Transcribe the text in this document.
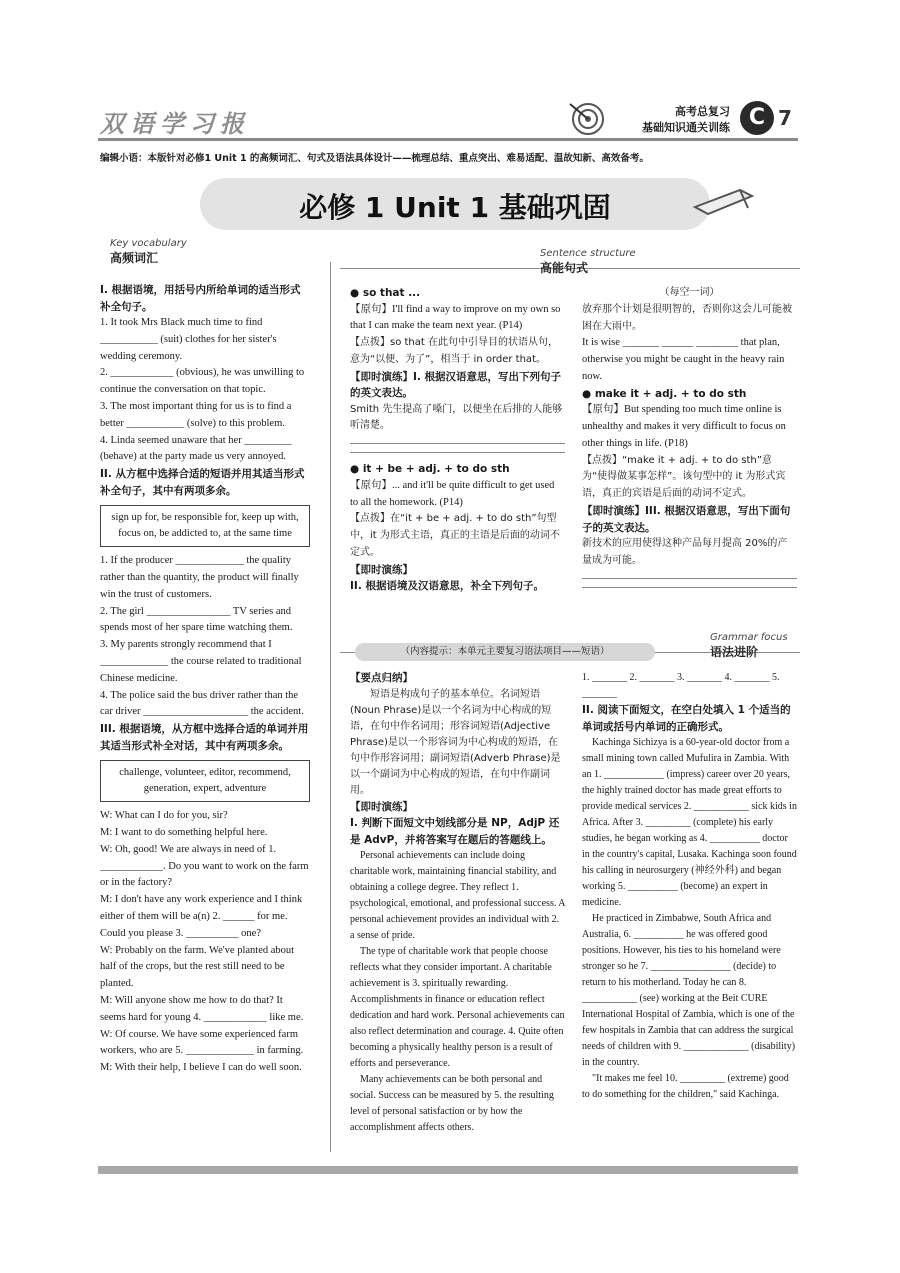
双语学习报	高考总复习
基础知识通关训练 C 7
编辑小语：本版针对必修1 Unit 1 的高频词汇、句式及语法具体设计——梳理总结、重点突出、难易适配、温故知新、高效备考。
必修 1 Unit 1 基础巩固
Key vocabulary
高频词汇	Sentence structure
高能句式
Grammar focus
语法进阶
（内容提示：本单元主要复习语法项目——短语）

I. 根据语境，用括号内所给单词的适当形式补全句子。

1. It took Mrs Black much time to find ___________ (suit) clothes for her sister's wedding ceremony.

2. ____________ (obvious), he was unwilling to continue the conversation on that topic.

3. The most important thing for us is to find a better ___________ (solve) to this problem.

4. Linda seemed unaware that her _________ (behave) at the party made us very annoyed.

II. 从方框中选择合适的短语并用其适当形式补全句子，其中有两项多余。

sign up for, be responsible for, keep up with, focus on, be addicted to, at the same time

1. If the producer _____________ the quality rather than the quantity, the product will finally win the trust of customers.

2. The girl ________________ TV series and spends most of her spare time watching them.

3. My parents strongly recommend that I _____________ the course related to traditional Chinese medicine.

4. The police said the bus driver rather than the car driver ____________________ the accident.

III. 根据语境，从方框中选择合适的单词并用其适当形式补全对话，其中有两项多余。

challenge, volunteer, editor, recommend, generation, expert, adventure

W: What can I do for you, sir?

M: I want to do something helpful here.

W: Oh, good! We are always in need of 1. ____________. Do you want to work on the farm or in the factory?

M: I don't have any work experience and I think either of them will be a(n) 2. ______ for me. Could you please 3. __________ one?

W: Probably on the farm. We've planted about half of the crops, but the rest still need to be planted.

M: Will anyone show me how to do that? It seems hard for young 4. ____________ like me.

W: Of course. We have some experienced farm workers, who are 5. _____________ in farming.

M: With their help, I believe I can do well soon.

● so that ...

【原句】I'll find a way to improve on my own so that I can make the team next year. (P14)

【点拨】so that 在此句中引导目的状语从句，意为“以便、为了”，相当于 in order that。

【即时演练】I. 根据汉语意思，写出下列句子的英文表达。

Smith 先生提高了嗓门，以便坐在后排的人能够听清楚。

● it + be + adj. + to do sth

【原句】... and it'll be quite difficult to get used to all the homework. (P14)

【点拨】在“it + be + adj. + to do sth”句型中，it 为形式主语，真正的主语是后面的动词不定式。

【即时演练】

II. 根据语境及汉语意思，补全下列句子。

（每空一词）

放弃那个计划是很明智的，否则你这会儿可能被困在大雨中。

It is wise _______ ______ ________ that plan, otherwise you might be caught in the heavy rain now.

● make it + adj. + to do sth

【原句】But spending too much time online is unhealthy and makes it very difficult to focus on other things in life. (P18)

【点拨】“make it + adj. + to do sth”意为“使得做某事怎样”。该句型中的 it 为形式宾语，真正的宾语是后面的动词不定式。

【即时演练】III. 根据汉语意思，写出下面句子的英文表达。

新技术的应用使得这种产品每月提高 20%的产量成为可能。

【要点归纳】

短语是构成句子的基本单位。名词短语(Noun Phrase)是以一个名词为中心构成的短语，在句中作名词用；形容词短语(Adjective Phrase)是以一个形容词为中心构成的短语，在句中作形容词用；副词短语(Adverb Phrase)是以一个副词为中心构成的短语，在句中作副词用。

【即时演练】

I. 判断下面短文中划线部分是 NP，AdjP 还是 AdvP，并将答案写在题后的答题线上。

Personal achievements can include doing charitable work, maintaining financial stability, and obtaining a college degree. They reflect 1. psychological, emotional, and professional success. A personal achievement provides an individual with 2. a sense of pride.

The type of charitable work that people choose reflects what they consider important. A charitable achievement is 3. spiritually rewarding. Accomplishments in finance or education reflect dedication and hard work. Personal achievements can also reflect determination and courage. 4. Quite often becoming a physically healthy person is a result of efforts and perseverance.

Many achievements can be both personal and social. Success can be measured by 5. the resulting level of personal satisfaction or by how the accomplishment affects others.

1. _______ 2. _______ 3. _______ 4. _______ 5. _______

II. 阅读下面短文，在空白处填入 1 个适当的单词或括号内单词的正确形式。

Kachinga Sichizya is a 60-year-old doctor from a small mining town called Mufulira in Zambia. With an 1. ____________ (impress) career over 20 years, the highly trained doctor has made great efforts to provide medical services 2. ___________ sick kids in Africa. After 3. _________ (complete) his early studies, he began working as 4. __________ doctor in the country's capital, Lusaka. Kachinga soon found his calling in neurosurgery (神经外科) and began working 5. __________ (become) an expert in medicine.

He practiced in Zimbabwe, South Africa and Australia, 6. __________ he was offered good positions. However, his ties to his homeland were stronger so he 7. ________________ (decide) to return to his motherland. Today he can 8. ___________ (see) working at the Beit CURE International Hospital of Zambia, which is one of the few hospitals in Zambia that can address the surgical needs of children with 9. _____________ (disability) in the country.

"It makes me feel 10. _________ (extreme) good to do something for the children," said Kachinga.
